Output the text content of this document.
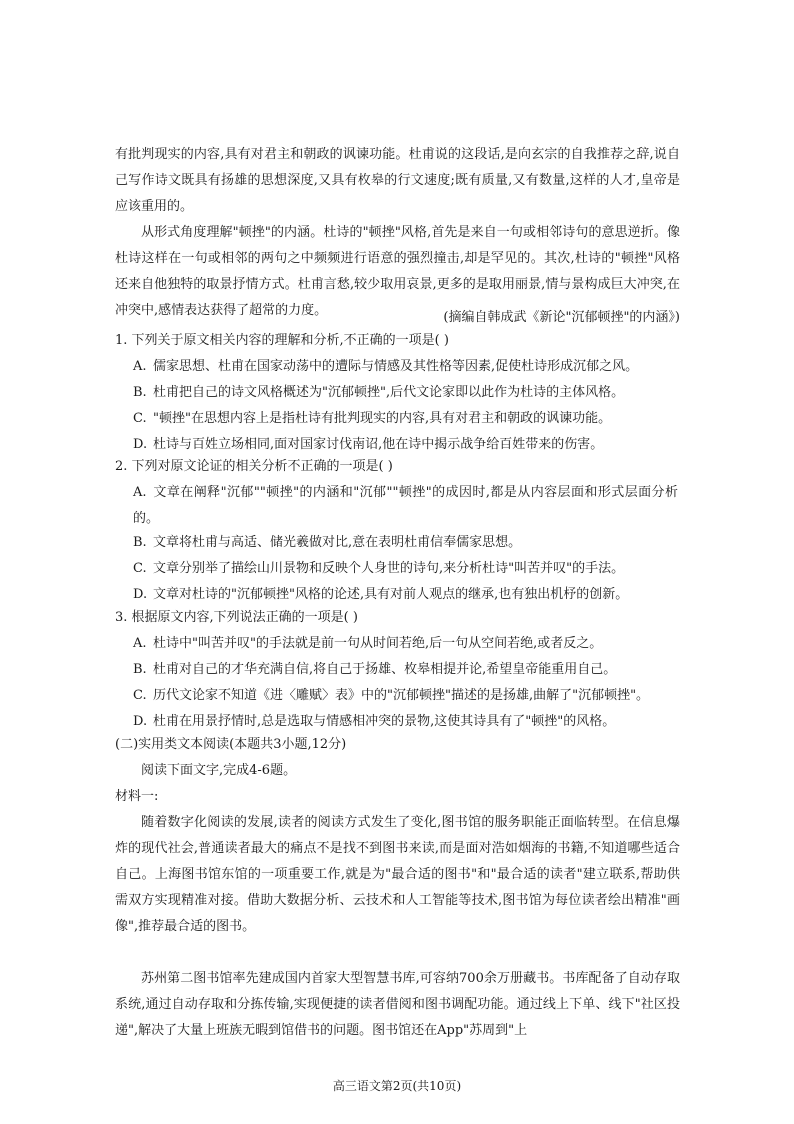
有批判现实的内容,具有对君主和朝政的讽谏功能。杜甫说的这段话,是向玄宗的自我推荐之辞,说自己写作诗文既具有扬雄的思想深度,又具有枚皋的行文速度;既有质量,又有数量,这样的人才,皇帝是应该重用的。

从形式角度理解"顿挫"的内涵。杜诗的"顿挫"风格,首先是来自一句或相邻诗句的意思逆折。像杜诗这样在一句或相邻的两句之中频频进行语意的强烈撞击,却是罕见的。其次,杜诗的"顿挫"风格还来自他独特的取景抒情方式。杜甫言愁,较少取用哀景,更多的是取用丽景,情与景构成巨大冲突,在冲突中,感情表达获得了超常的力度。	(摘编自韩成武《新论"沉郁顿挫"的内涵》)

1. 下列关于原文相关内容的理解和分析,不正确的一项是( )

A. 儒家思想、杜甫在国家动荡中的遭际与情感及其性格等因素,促使杜诗形成沉郁之风。

B. 杜甫把自己的诗文风格概述为"沉郁顿挫",后代文论家即以此作为杜诗的主体风格。

C. "顿挫"在思想内容上是指杜诗有批判现实的内容,具有对君主和朝政的讽谏功能。

D. 杜诗与百姓立场相同,面对国家讨伐南诏,他在诗中揭示战争给百姓带来的伤害。

2. 下列对原文论证的相关分析不正确的一项是( )

A. 文章在阐释"沉郁""顿挫"的内涵和"沉郁""顿挫"的成因时,都是从内容层面和形式层面分析的。

B. 文章将杜甫与高适、储光羲做对比,意在表明杜甫信奉儒家思想。

C. 文章分别举了描绘山川景物和反映个人身世的诗句,来分析杜诗"叫苦并叹"的手法。

D. 文章对杜诗的"沉郁顿挫"风格的论述,具有对前人观点的继承,也有独出机杼的创新。

3. 根据原文内容,下列说法正确的一项是( )

A. 杜诗中"叫苦并叹"的手法就是前一句从时间若绝,后一句从空间若绝,或者反之。

B. 杜甫对自己的才华充满自信,将自己于扬雄、枚皋相提并论,希望皇帝能重用自己。

C. 历代文论家不知道《进〈雕赋〉表》中的"沉郁顿挫"描述的是扬雄,曲解了"沉郁顿挫"。

D. 杜甫在用景抒情时,总是选取与情感相冲突的景物,这使其诗具有了"顿挫"的风格。

(二)实用类文本阅读(本题共3小题,12分)

阅读下面文字,完成4-6题。

材料一:

随着数字化阅读的发展,读者的阅读方式发生了变化,图书馆的服务职能正面临转型。在信息爆炸的现代社会,普通读者最大的痛点不是找不到图书来读,而是面对浩如烟海的书籍,不知道哪些适合自己。上海图书馆东馆的一项重要工作,就是为"最合适的图书"和"最合适的读者"建立联系,帮助供需双方实现精准对接。借助大数据分析、云技术和人工智能等技术,图书馆为每位读者绘出精准"画像",推荐最合适的图书。

苏州第二图书馆率先建成国内首家大型智慧书库,可容纳700余万册藏书。书库配备了自动存取系统,通过自动存取和分拣传输,实现便捷的读者借阅和图书调配功能。通过线上下单、线下"社区投递",解决了大量上班族无暇到馆借书的问题。图书馆还在App"苏周到"上

高三语文第2页(共10页)
